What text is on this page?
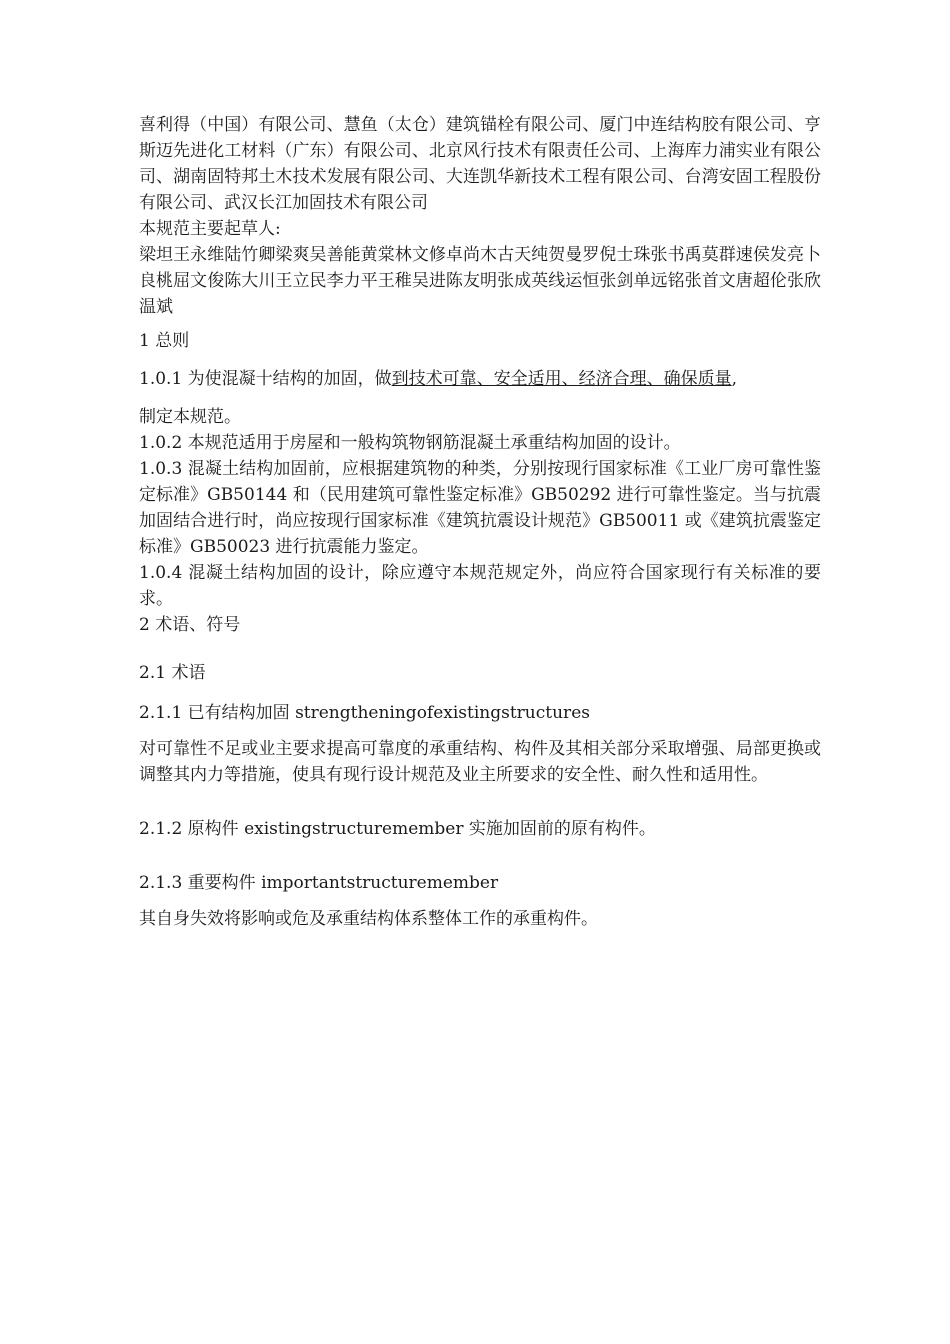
喜利得（中国）有限公司、慧鱼（太仓）建筑锚栓有限公司、厦门中连结构胶有限公司、亨斯迈先进化工材料（广东）有限公司、北京风行技术有限责任公司、上海库力浦实业有限公司、湖南固特邦土木技术发展有限公司、大连凯华新技术工程有限公司、台湾安固工程股份有限公司、武汉长江加固技术有限公司

本规范主要起草人:

梁坦王永维陆竹卿梁爽吴善能黄棠林文修卓尚木古天纯贺曼罗倪士珠张书禹莫群速侯发亮卜良桃屈文俊陈大川王立民李力平王稚吴进陈友明张成英线运恒张剑单远铭张首文唐超伦张欣温斌

1 总则

1.0.1 为使混凝十结构的加固，做到技术可靠、安全适用、经济合理、确保质量,

制定本规范。

1.0.2 本规范适用于房屋和一般构筑物钢筋混凝土承重结构加固的设计。

1.0.3 混凝土结构加固前，应根据建筑物的种类，分别按现行国家标准《工业厂房可靠性鉴定标准》GB50144 和（民用建筑可靠性鉴定标准》GB50292 进行可靠性鉴定。当与抗震加固结合进行时，尚应按现行国家标准《建筑抗震设计规范》GB50011 或《建筑抗震鉴定标准》GB50023 进行抗震能力鉴定。

1.0.4 混凝土结构加固的设计，除应遵守本规范规定外，尚应符合国家现行有关标准的要求。

2 术语、符号

2.1 术语

2.1.1 已有结构加固 strengtheningofexistingstructures

对可靠性不足或业主要求提高可靠度的承重结构、构件及其相关部分采取增强、局部更换或调整其内力等措施，使具有现行设计规范及业主所要求的安全性、耐久性和适用性。

2.1.2 原构件 existingstructuremember 实施加固前的原有构件。

2.1.3 重要构件 importantstructuremember

其自身失效将影响或危及承重结构体系整体工作的承重构件。
